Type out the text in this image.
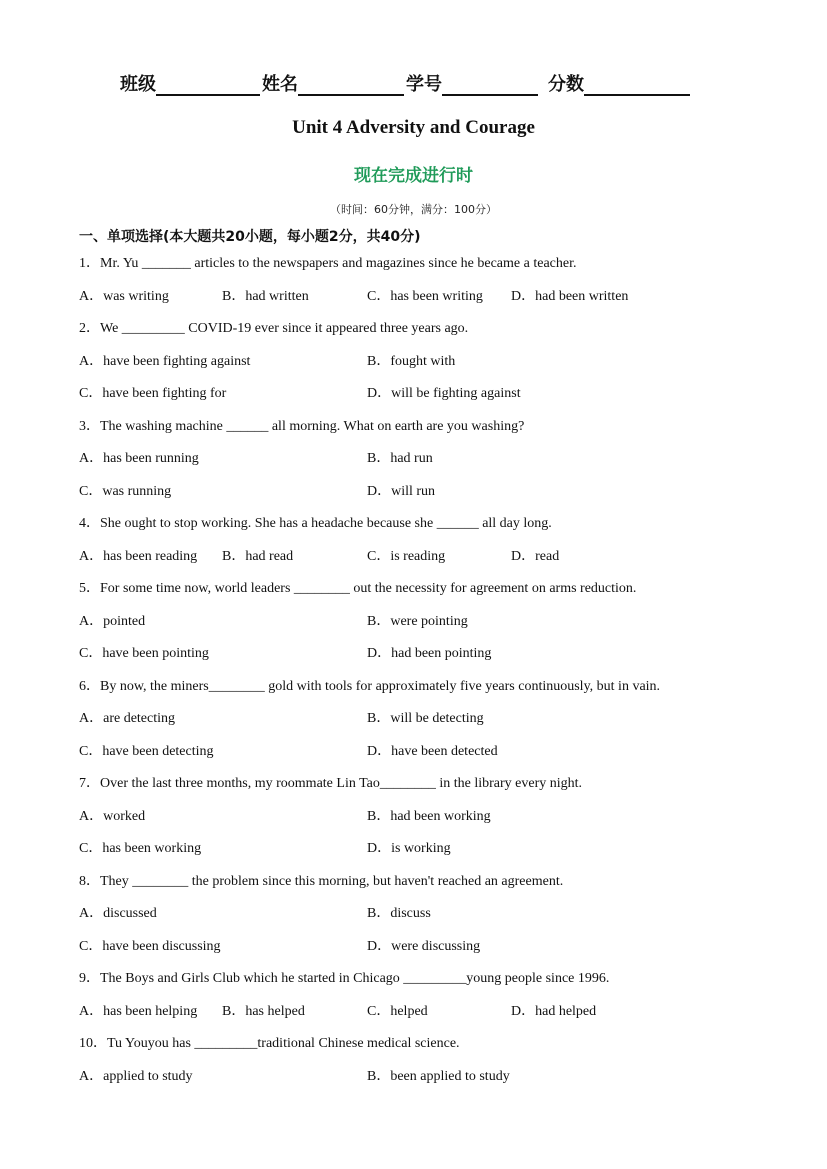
班级	姓名	学号	分数
Unit 4 Adversity and Courage
现在完成进行时
（时间：60分钟，满分：100分）
一、单项选择(本大题共20小题，每小题2分，共40分)
1．Mr. Yu _______ articles to the newspapers and magazines since he became a teacher.
A．was writing	B．had written	C．has been writing D．had been written
2．We _________ COVID-19 ever since it appeared three years ago.
A．have been fighting against	B．fought with
C．have been fighting for	D．will be fighting against
3．The washing machine ______ all morning. What on earth are you washing?
A．has been running	B．had run
C．was running	D．will run
4．She ought to stop working. She has a headache because she ______ all day long.
A．has been reading B．had read	C．is reading	D．read
5．For some time now, world leaders ________ out the necessity for agreement on arms reduction.
A．pointed	B．were pointing
C．have been pointing	D．had been pointing
6．By now, the miners________ gold with tools for approximately five years continuously, but in vain.
A．are detecting	B．will be detecting
C．have been detecting	D．have been detected
7．Over the last three months, my roommate Lin Tao________ in the library every night.
A．worked	B．had been working
C．has been working	D．is working
8．They ________ the problem since this morning, but haven't reached an agreement.
A．discussed	B．discuss
C．have been discussing	D．were discussing
9．The Boys and Girls Club which he started in Chicago _________young people since 1996.
A．has been helping B．has helped	C．helped	D．had helped
10．Tu Youyou has _________traditional Chinese medical science.
A．applied to study	B．been applied to study
